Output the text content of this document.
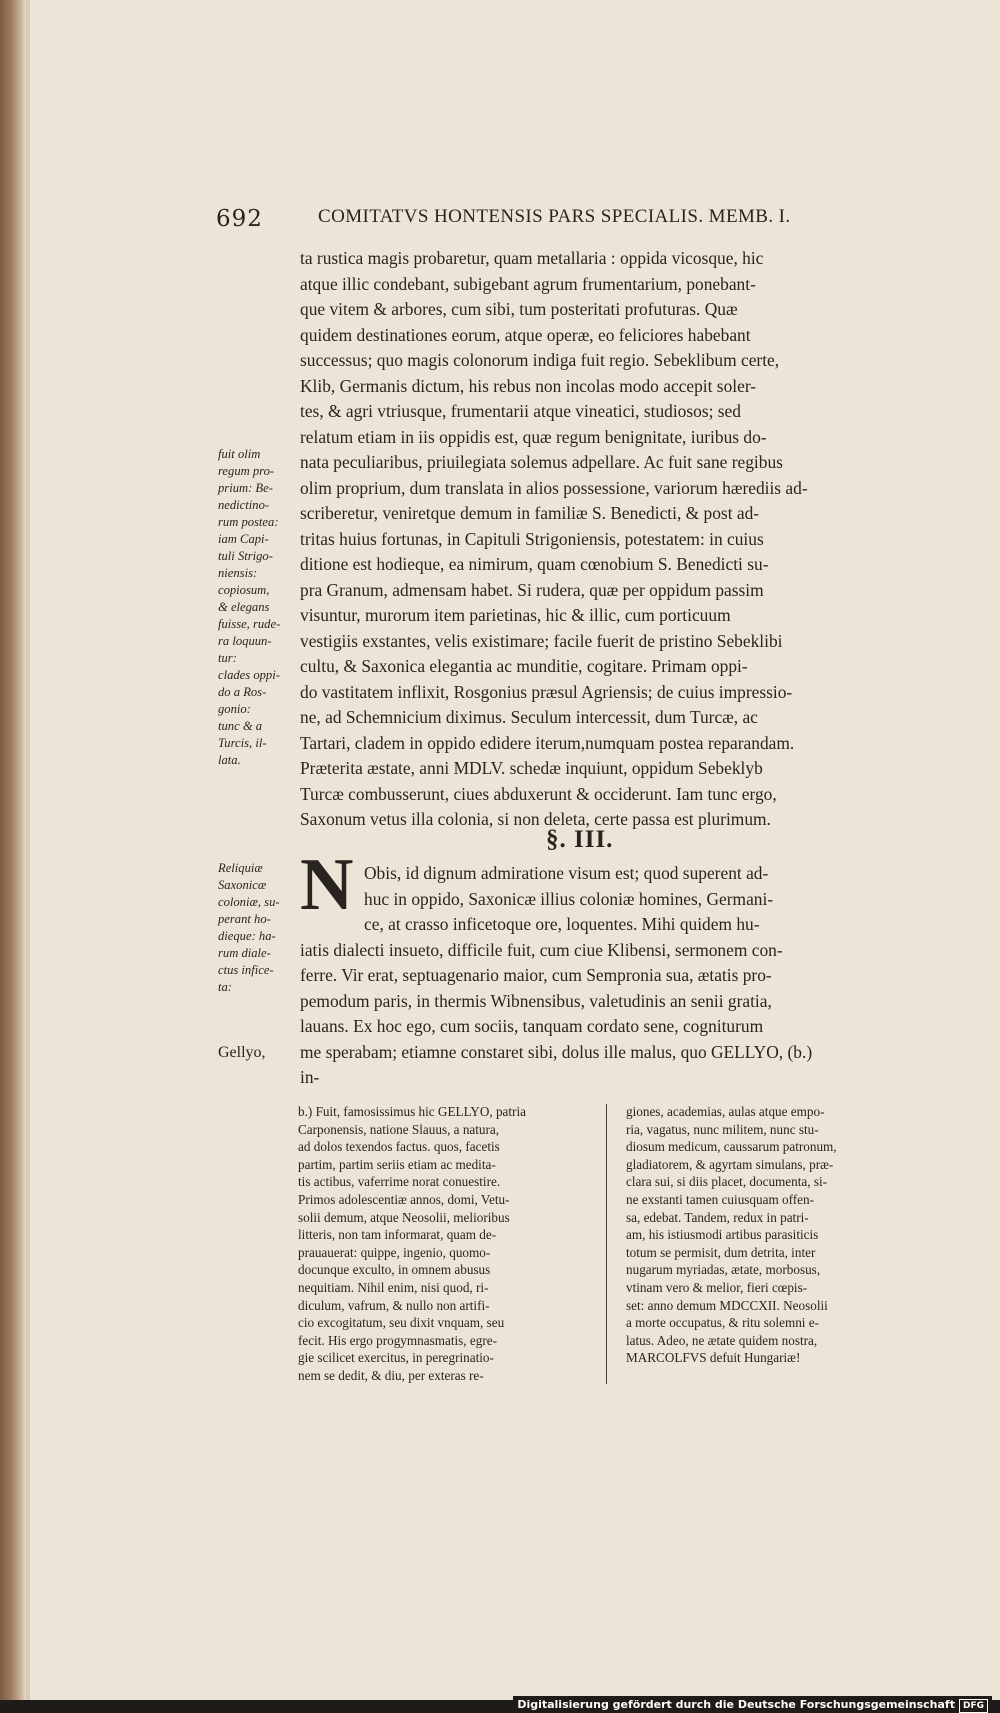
692	COMITATVS HONTENSIS PARS SPECIALIS. MEMB. I.
ta rustica magis probaretur, quam metallaria : oppida vicosque, hic
atque illic condebant, subigebant agrum frumentarium, ponebant-
que vitem & arbores, cum sibi, tum posteritati profuturas. Quæ
quidem destinationes eorum, atque operæ, eo feliciores habebant
successus; quo magis colonorum indiga fuit regio. Sebeklibum certe,
Klib, Germanis dictum, his rebus non incolas modo accepit soler-
tes, & agri vtriusque, frumentarii atque vineatici, studiosos; sed
relatum etiam in iis oppidis est, quæ regum benignitate, iuribus do-
nata peculiaribus, priuilegiata solemus adpellare. Ac fuit sane regibus
olim proprium, dum translata in alios possessione, variorum hærediis ad-
scriberetur, veniretque demum in familiæ S. Benedicti, & post ad-
tritas huius fortunas, in Capituli Strigoniensis, potestatem: in cuius
ditione est hodieque, ea nimirum, quam cœnobium S. Benedicti su-
pra Granum, admensam habet. Si rudera, quæ per oppidum passim
visuntur, murorum item parietinas, hic & illic, cum porticuum
vestigiis exstantes, velis existimare; facile fuerit de pristino Sebeklibi
cultu, & Saxonica elegantia ac munditie, cogitare. Primam oppi-
do vastitatem inflixit, Rosgonius præsul Agriensis; de cuius impressio-
ne, ad Schemnicium diximus. Seculum intercessit, dum Turcæ, ac
Tartari, cladem in oppido edidere iterum,numquam postea reparandam.
Præterita æstate, anni MDLV. schedæ inquiunt, oppidum Sebeklyb
Turcæ combusserunt, ciues abduxerunt & occiderunt. Iam tunc ergo,
Saxonum vetus illa colonia, si non deleta, certe passa est plurimum.
fuit olim
regum pro-
prium: Be-
nedictino-
rum postea:
iam Capi-
tuli Strigo-
niensis:
copiosum,
& elegans
fuisse, rude-
ra loquun-
tur:
clades oppi-
do a Ros-
gonio:
tunc & a
Turcis, il-
lata.
§. III.
N Obis, id dignum admiratione visum est; quod superent ad-
huc in oppido, Saxonicæ illius coloniæ homines, Germani-
ce, at crasso inficetoque ore, loquentes. Mihi quidem hu-
iatis dialecti insueto, difficile fuit, cum ciue Klibensi, sermonem con-
ferre. Vir erat, septuagenario maior, cum Sempronia sua, ætatis pro-
pemodum paris, in thermis Wibnensibus, valetudinis an senii gratia,
lauans. Ex hoc ego, cum sociis, tanquam cordato sene, cogniturum
me sperabam; etiamne constaret sibi, dolus ille malus, quo GELLYO, (b.)
in-
Reliquiæ
Saxonicæ
coloniæ, su-
perant ho-
dieque: ha-
rum diale-
ctus infice-
ta:
Gellyo,
b.) Fuit, famosissimus hic GELLYO, patria
Carponensis, natione Slauus, a natura,
ad dolos texendos factus. quos, facetis
partim, partim seriis etiam ac medita-
tis actibus, vaferrime norat conuestire.
Primos adolescentiæ annos, domi, Vetu-
solii demum, atque Neosolii, melioribus
litteris, non tam informarat, quam de-
prauauerat: quippe, ingenio, quomo-
docunque exculto, in omnem abusus
nequitiam. Nihil enim, nisi quod, ri-
diculum, vafrum, & nullo non artifi-
cio excogitatum, seu dixit vnquam, seu
fecit. His ergo progymnasmatis, egre-
gie scilicet exercitus, in peregrinatio-
nem se dedit, & diu, per exteras re-
giones, academias, aulas atque empo-
ria, vagatus, nunc militem, nunc stu-
diosum medicum, caussarum patronum,
gladiatorem, & agyrtam simulans, præ-
clara sui, si diis placet, documenta, si-
ne exstanti tamen cuiusquam offen-
sa, edebat. Tandem, redux in patri-
am, his istiusmodi artibus parasiticis
totum se permisit, dum detrita, inter
nugarum myriadas, ætate, morbosus,
vtinam vero & melior, fieri cœpis-
set: anno demum MDCCXII. Neosolii
a morte occupatus, & ritu solemni e-
latus. Adeo, ne ætate quidem nostra,
MARCOLFVS defuit Hungariæ!
Digitalisierung gefördert durch die Deutsche Forschungsgemeinschaft DFG
